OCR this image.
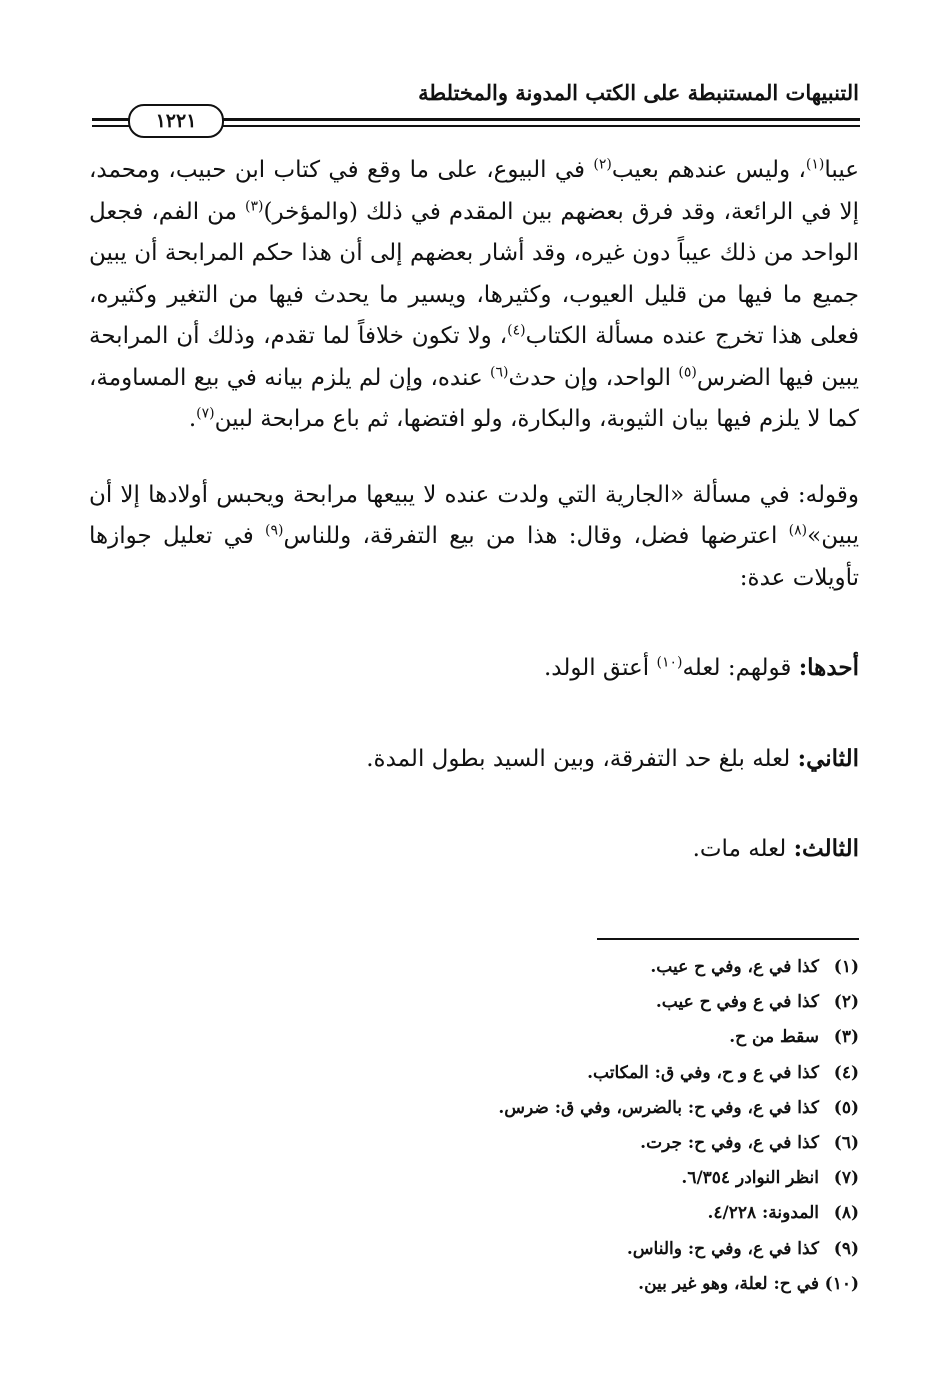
التنبيهات المستنبطة على الكتب المدونة والمختلطة
١٢٢١

عيبا$^{(١)}$، وليس عندهم بعيب$^{(٢)}$ في البيوع، على ما وقع في كتاب ابن حبيب، ومحمد، إلا في الرائعة، وقد فرق بعضهم بين المقدم في ذلك (والمؤخر)$^{(٣)}$ من الفم، فجعل الواحد من ذلك عيباً دون غيره، وقد أشار بعضهم إلى أن هذا حكم المرابحة أن يبين جميع ما فيها من قليل العيوب، وكثيرها، ويسير ما يحدث فيها من التغير وكثيره، فعلى هذا تخرج عنده مسألة الكتاب$^{(٤)}$، ولا تكون خلافاً لما تقدم، وذلك أن المرابحة يبين فيها الضرس$^{(٥)}$ الواحد، وإن حدث$^{(٦)}$ عنده، وإن لم يلزم بيانه في بيع المساومة، كما لا يلزم فيها بيان الثيوبة، والبكارة، ولو افتضها، ثم باع مرابحة لبين$^{(٧)}$.

وقوله: في مسألة «الجارية التي ولدت عنده لا يبيعها مرابحة ويحبس أولادها إلا أن يبين»$^{(٨)}$ اعترضها فضل، وقال: هذا من بيع التفرقة، وللناس$^{(٩)}$ في تعليل جوازها تأويلات عدة:

أحدها: قولهم: لعله$^{(١٠)}$ أعتق الولد.

الثاني: لعله بلغ حد التفرقة، وبين السيد بطول المدة.

الثالث: لعله مات.

(١)كذا في ع، وفي ح عيب.
(٢)كذا في ع وفي ح عيب.
(٣)سقط من ح.
(٤)كذا في ع و ح، وفي ق: المكاتب.
(٥)كذا في ع، وفي ح: بالضرس، وفي ق: ضرس.
(٦)كذا في ع، وفي ح: جرت.
(٧)انظر النوادر ٦/٣٥٤.
(٨)المدونة: ٤/٢٢٨.
(٩)كذا في ع، وفي ح: والناس.
(١٠)في ح: لعلة، وهو غير بين.
